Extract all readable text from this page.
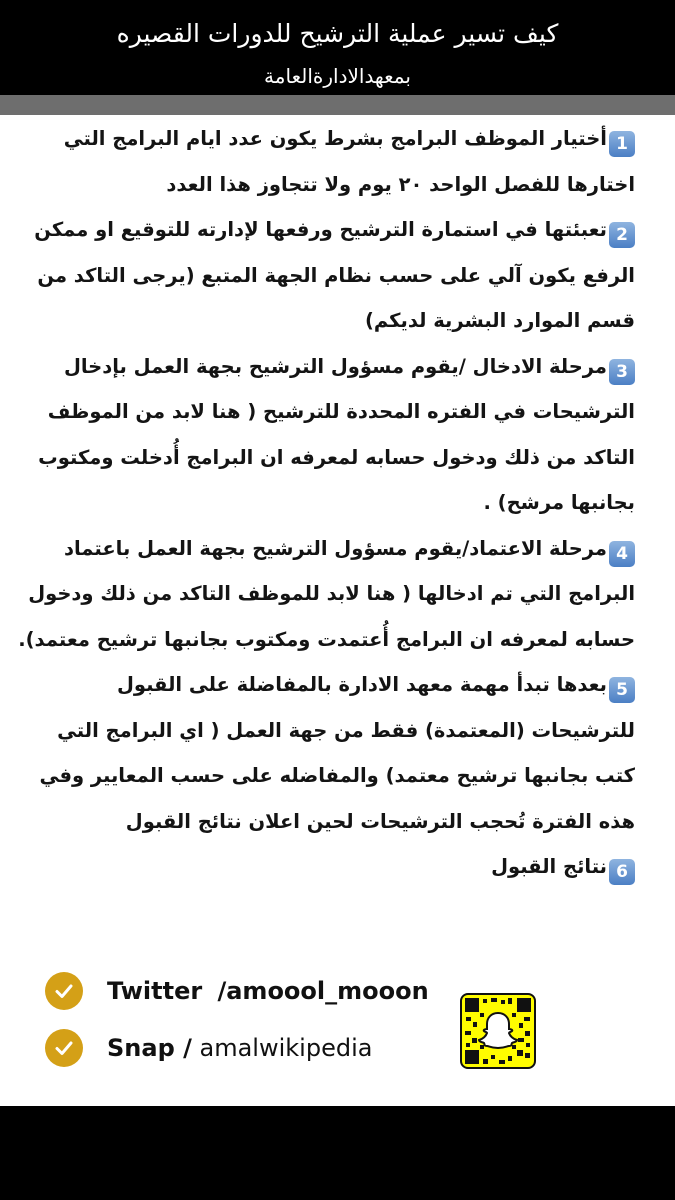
كيف تسير عملية الترشيح للدورات القصيره
بمعهدالادارةالعامة

1أختيار الموظف البرامج بشرط يكون عدد ايام البرامج التي اختارها للفصل الواحد ٢٠ يوم ولا تتجاوز هذا العدد

2تعبئتها في استمارة الترشيح ورفعها لإدارته للتوقيع او ممكن الرفع يكون آلي على حسب نظام الجهة المتبع (يرجى التاكد من قسم الموارد البشرية لديكم)

3مرحلة الادخال /يقوم مسؤول الترشيح بجهة العمل بإدخال الترشيحات في الفتره المحددة للترشيح ( هنا لابد من الموظف التاكد من ذلك ودخول حسابه لمعرفه ان البرامج أُدخلت ومكتوب بجانبها مرشح) .

4مرحلة الاعتماد/يقوم مسؤول الترشيح بجهة العمل باعتماد البرامج التي تم ادخالها ( هنا لابد للموظف التاكد من ذلك ودخول حسابه لمعرفه ان البرامج أُعتمدت ومكتوب بجانبها ترشيح معتمد).

5بعدها تبدأ مهمة معهد الادارة بالمفاضلة على القبول للترشيحات (المعتمدة) فقط من جهة العمل ( اي البرامج التي كتب بجانبها ترشيح معتمد) والمفاضله على حسب المعايير وفي هذه الفترة تُحجب الترشيحات لحين اعلان نتائج القبول

6نتائج القبول

Twitter /amoool_mooon
Snap / amalwikipedia
